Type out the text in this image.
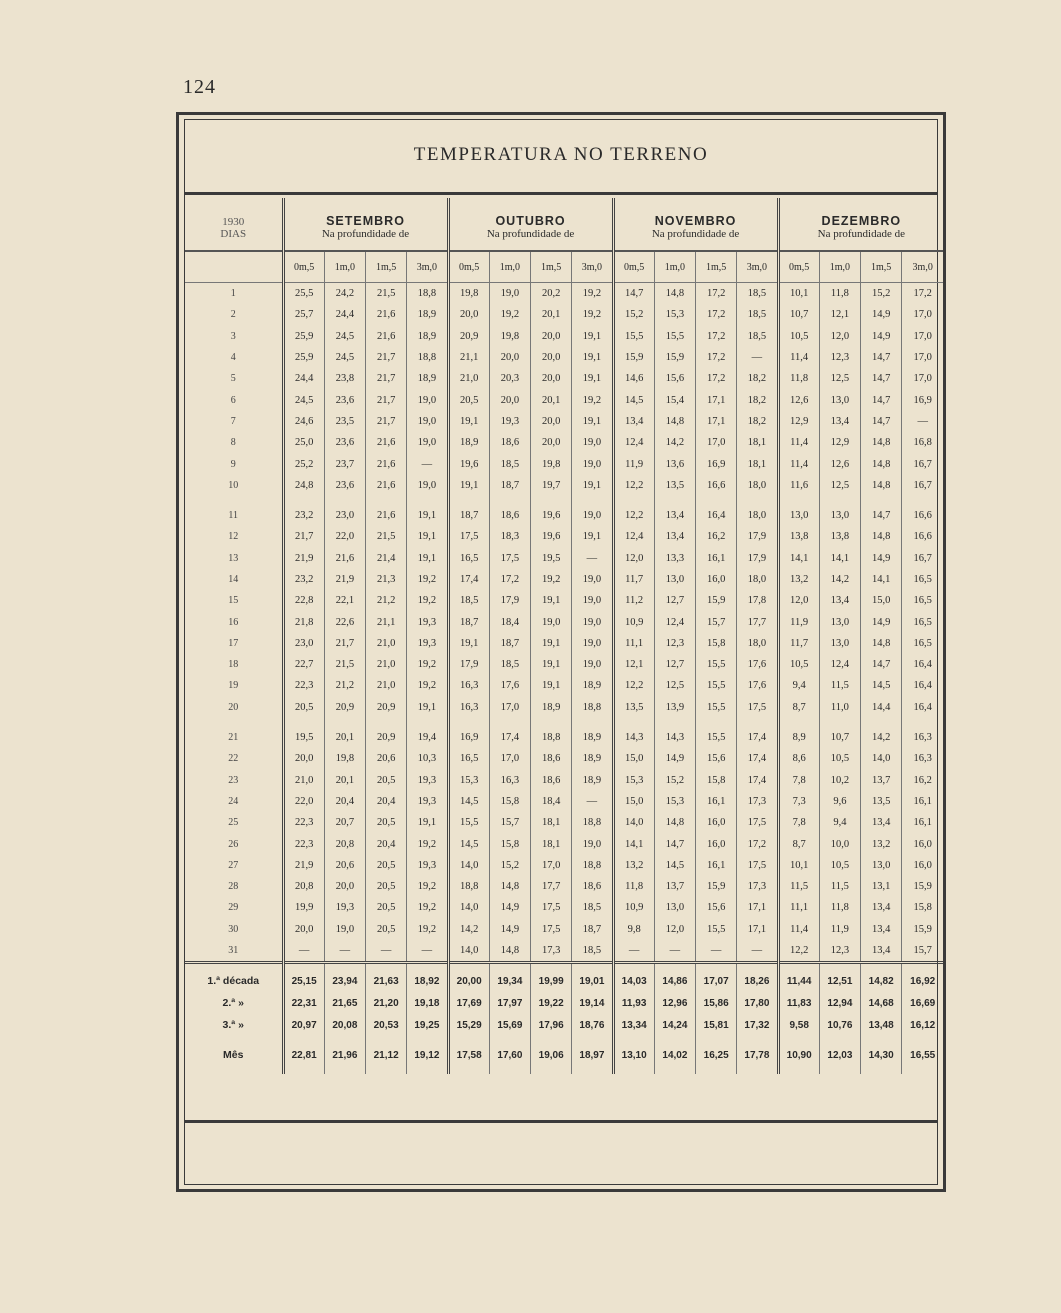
124
TEMPERATURA NO TERRENO
1930	SETEMBRO				OUTUBRO				NOVEMBRO				DEZEMBRO			
DIAS	Na profundidade de				Na profundidade de				Na profundidade de				Na profundidade de			
	0m,5	1m,0	1m,5	3m,0	0m,5	1m,0	1m,5	3m,0	0m,5	1m,0	1m,5	3m,0	0m,5	1m,0	1m,5	3m,0
1	25,5	24,2	21,5	18,8	19,8	19,0	20,2	19,2	14,7	14,8	17,2	18,5	10,1	11,8	15,2	17,2
2	25,7	24,4	21,6	18,9	20,0	19,2	20,1	19,2	15,2	15,3	17,2	18,5	10,7	12,1	14,9	17,0
3	25,9	24,5	21,6	18,9	20,9	19,8	20,0	19,1	15,5	15,5	17,2	18,5	10,5	12,0	14,9	17,0
4	25,9	24,5	21,7	18,8	21,1	20,0	20,0	19,1	15,9	15,9	17,2	—	11,4	12,3	14,7	17,0
5	24,4	23,8	21,7	18,9	21,0	20,3	20,0	19,1	14,6	15,6	17,2	18,2	11,8	12,5	14,7	17,0
6	24,5	23,6	21,7	19,0	20,5	20,0	20,1	19,2	14,5	15,4	17,1	18,2	12,6	13,0	14,7	16,9
7	24,6	23,5	21,7	19,0	19,1	19,3	20,0	19,1	13,4	14,8	17,1	18,2	12,9	13,4	14,7	—
8	25,0	23,6	21,6	19,0	18,9	18,6	20,0	19,0	12,4	14,2	17,0	18,1	11,4	12,9	14,8	16,8
9	25,2	23,7	21,6	—	19,6	18,5	19,8	19,0	11,9	13,6	16,9	18,1	11,4	12,6	14,8	16,7
10	24,8	23,6	21,6	19,0	19,1	18,7	19,7	19,1	12,2	13,5	16,6	18,0	11,6	12,5	14,8	16,7

11	23,2	23,0	21,6	19,1	18,7	18,6	19,6	19,0	12,2	13,4	16,4	18,0	13,0	13,0	14,7	16,6
12	21,7	22,0	21,5	19,1	17,5	18,3	19,6	19,1	12,4	13,4	16,2	17,9	13,8	13,8	14,8	16,6
13	21,9	21,6	21,4	19,1	16,5	17,5	19,5	—	12,0	13,3	16,1	17,9	14,1	14,1	14,9	16,7
14	23,2	21,9	21,3	19,2	17,4	17,2	19,2	19,0	11,7	13,0	16,0	18,0	13,2	14,2	14,1	16,5
15	22,8	22,1	21,2	19,2	18,5	17,9	19,1	19,0	11,2	12,7	15,9	17,8	12,0	13,4	15,0	16,5
16	21,8	22,6	21,1	19,3	18,7	18,4	19,0	19,0	10,9	12,4	15,7	17,7	11,9	13,0	14,9	16,5
17	23,0	21,7	21,0	19,3	19,1	18,7	19,1	19,0	11,1	12,3	15,8	18,0	11,7	13,0	14,8	16,5
18	22,7	21,5	21,0	19,2	17,9	18,5	19,1	19,0	12,1	12,7	15,5	17,6	10,5	12,4	14,7	16,4
19	22,3	21,2	21,0	19,2	16,3	17,6	19,1	18,9	12,2	12,5	15,5	17,6	9,4	11,5	14,5	16,4
20	20,5	20,9	20,9	19,1	16,3	17,0	18,9	18,8	13,5	13,9	15,5	17,5	8,7	11,0	14,4	16,4

21	19,5	20,1	20,9	19,4	16,9	17,4	18,8	18,9	14,3	14,3	15,5	17,4	8,9	10,7	14,2	16,3
22	20,0	19,8	20,6	10,3	16,5	17,0	18,6	18,9	15,0	14,9	15,6	17,4	8,6	10,5	14,0	16,3
23	21,0	20,1	20,5	19,3	15,3	16,3	18,6	18,9	15,3	15,2	15,8	17,4	7,8	10,2	13,7	16,2
24	22,0	20,4	20,4	19,3	14,5	15,8	18,4	—	15,0	15,3	16,1	17,3	7,3	9,6	13,5	16,1
25	22,3	20,7	20,5	19,1	15,5	15,7	18,1	18,8	14,0	14,8	16,0	17,5	7,8	9,4	13,4	16,1
26	22,3	20,8	20,4	19,2	14,5	15,8	18,1	19,0	14,1	14,7	16,0	17,2	8,7	10,0	13,2	16,0
27	21,9	20,6	20,5	19,3	14,0	15,2	17,0	18,8	13,2	14,5	16,1	17,5	10,1	10,5	13,0	16,0
28	20,8	20,0	20,5	19,2	18,8	14,8	17,7	18,6	11,8	13,7	15,9	17,3	11,5	11,5	13,1	15,9
29	19,9	19,3	20,5	19,2	14,0	14,9	17,5	18,5	10,9	13,0	15,6	17,1	11,1	11,8	13,4	15,8
30	20,0	19,0	20,5	19,2	14,2	14,9	17,5	18,7	9,8	12,0	15,5	17,1	11,4	11,9	13,4	15,9
31	—	—	—	—	14,0	14,8	17,3	18,5	—	—	—	—	12,2	12,3	13,4	15,7
1.ª década	25,15	23,94	21,63	18,92	20,00	19,34	19,99	19,01	14,03	14,86	17,07	18,26	11,44	12,51	14,82	16,92
2.ª »	22,31	21,65	21,20	19,18	17,69	17,97	19,22	19,14	11,93	12,96	15,86	17,80	11,83	12,94	14,68	16,69
3.ª »	20,97	20,08	20,53	19,25	15,29	15,69	17,96	18,76	13,34	14,24	15,81	17,32	9,58	10,76	13,48	16,12
Mês	22,81	21,96	21,12	19,12	17,58	17,60	19,06	18,97	13,10	14,02	16,25	17,78	10,90	12,03	14,30	16,55
